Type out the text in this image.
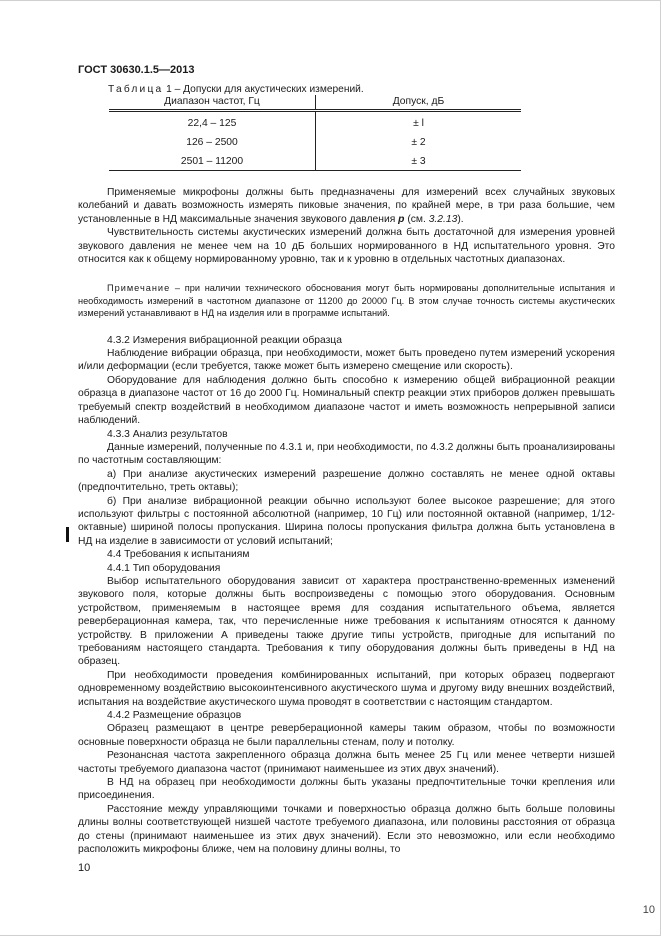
ГОСТ 30630.1.5—2013
Таблица 1 – Допуски для акустических измерений.
Диапазон частот, Гц	Допуск, дБ
22,4 – 125	± l
126 – 2500	± 2
2501 – 11200	± 3

Применяемые микрофоны должны быть предназначены для измерений всех случайных звуковых колебаний и давать возможность измерять пиковые значения, по крайней мере, в три раза большие, чем установленные в НД максимальные значения звукового давления p (см. 3.2.13).

Чувствительность системы акустических измерений должна быть достаточной для измерения уровней звукового давления не менее чем на 10 дБ больших нормированного в НД испытательного уровня. Это относится как к общему нормированному уровню, так и к уровню в отдельных частотных диапазонах.

Примечание – при наличии технического обоснования могут быть нормированы дополнительные испытания и необходимость измерений в частотном диапазоне от 11200 до 20000 Гц. В этом случае точность системы акустических измерений устанавливают в НД на изделия или в программе испытаний.

4.3.2 Измерения вибрационной реакции образца

Наблюдение вибрации образца, при необходимости, может быть проведено путем измерений ускорения и/или деформации (если требуется, также может быть измерено смещение или скорость).

Оборудование для наблюдения должно быть способно к измерению общей вибрационной реакции образца в диапазоне частот от 16 до 2000 Гц. Номинальный спектр реакции этих приборов должен превышать требуемый спектр воздействий в необходимом диапазоне частот и иметь возможность непрерывной записи наблюдений.

4.3.3 Анализ результатов

Данные измерений, полученные по 4.3.1 и, при необходимости, по 4.3.2 должны быть проанализированы по частотным составляющим:

а) При анализе акустических измерений разрешение должно составлять не менее одной октавы (предпочтительно, треть октавы);

б) При анализе вибрационной реакции обычно используют более высокое разрешение; для этого используют фильтры с постоянной абсолютной (например, 10 Гц) или постоянной октавной (например, 1/12-октавные) шириной полосы пропускания. Ширина полосы пропускания фильтра должна быть установлена в НД на изделие в зависимости от условий испытаний;

4.4 Требования к испытаниям

4.4.1 Тип оборудования

Выбор испытательного оборудования зависит от характера пространственно-временных изменений звукового поля, которые должны быть воспроизведены с помощью этого оборудования. Основным устройством, применяемым в настоящее время для создания испытательного объема, является реверберационная камера, так, что перечисленные ниже требования к испытаниям относятся к данному устройству. В приложении А приведены также другие типы устройств, пригодные для испытаний по требованиям настоящего стандарта. Требования к типу оборудования должны быть приведены в НД на образец.

При необходимости проведения комбинированных испытаний, при которых образец подвергают одновременному воздействию высокоинтенсивного акустического шума и другому виду внешних воздействий, испытания на воздействие акустического шума проводят в соответствии с настоящим стандартом.

4.4.2 Размещение образцов

Образец размещают в центре реверберационной камеры таким образом, чтобы по возможности основные поверхности образца не были параллельны стенам, полу и потолку.

Резонансная частота закрепленного образца должна быть менее 25 Гц или менее четверти низшей частоты требуемого диапазона частот (принимают наименьшее из этих двух значений).

В НД на образец при необходимости должны быть указаны предпочтительные точки крепления или присоединения.

Расстояние между управляющими точками и поверхностью образца должно быть больше половины длины волны соответствующей низшей частоте требуемого диапазона, или половины расстояния от образца до стены (принимают наименьшее из этих двух значений). Если это невозможно, или если необходимо расположить микрофоны ближе, чем на половину длины волны, то

10
10
